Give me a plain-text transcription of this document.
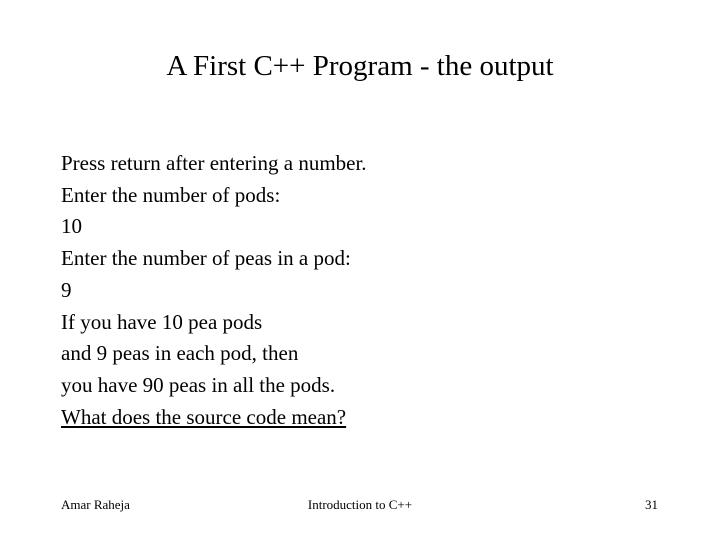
A First C++ Program - the output
Press return after entering a number.
Enter the number of pods:
10
Enter the number of peas in a pod:
9
If you have 10 pea pods
and 9 peas in each pod, then
you have 90 peas in all the pods.
What does the source code mean?
Amar Raheja	Introduction to C++	31
